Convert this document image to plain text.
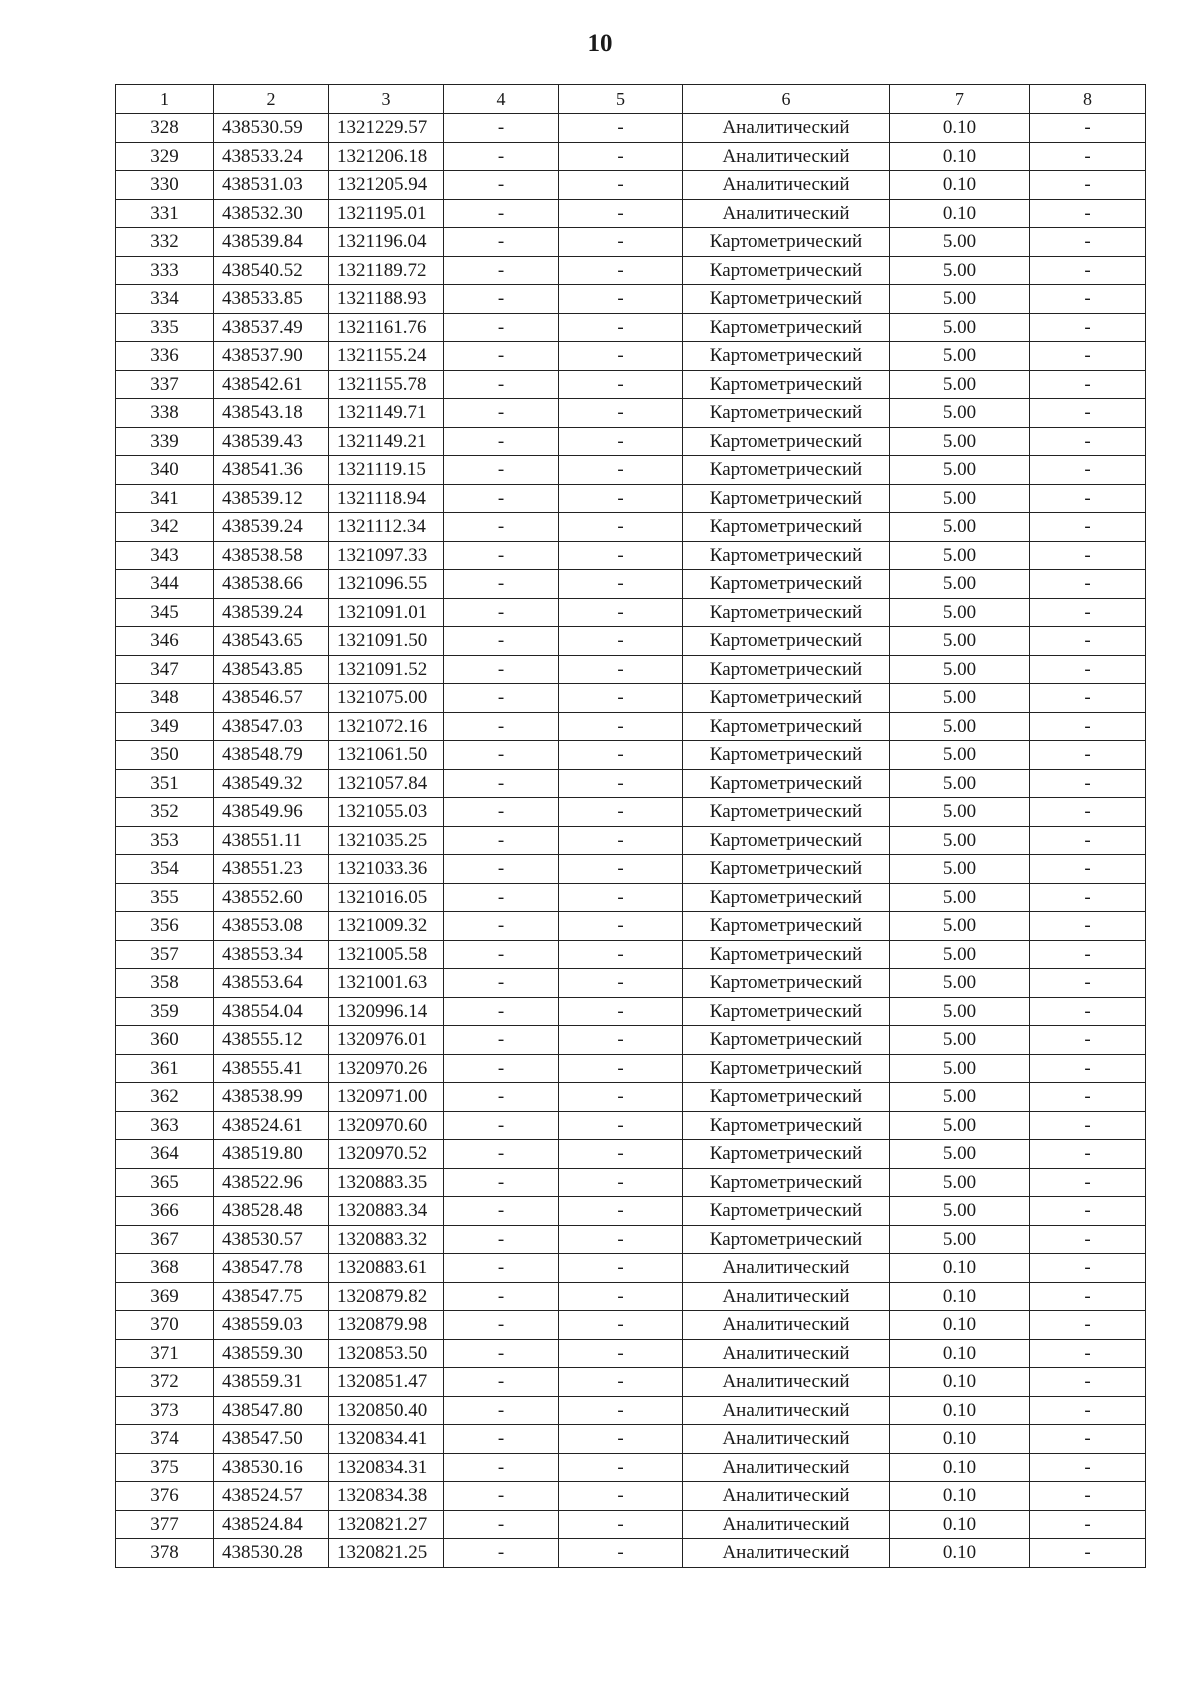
10
1	2	3	4	5	6	7	8
328	438530.59	1321229.57	-	-	Аналитический	0.10	-
329	438533.24	1321206.18	-	-	Аналитический	0.10	-
330	438531.03	1321205.94	-	-	Аналитический	0.10	-
331	438532.30	1321195.01	-	-	Аналитический	0.10	-
332	438539.84	1321196.04	-	-	Картометрический	5.00	-
333	438540.52	1321189.72	-	-	Картометрический	5.00	-
334	438533.85	1321188.93	-	-	Картометрический	5.00	-
335	438537.49	1321161.76	-	-	Картометрический	5.00	-
336	438537.90	1321155.24	-	-	Картометрический	5.00	-
337	438542.61	1321155.78	-	-	Картометрический	5.00	-
338	438543.18	1321149.71	-	-	Картометрический	5.00	-
339	438539.43	1321149.21	-	-	Картометрический	5.00	-
340	438541.36	1321119.15	-	-	Картометрический	5.00	-
341	438539.12	1321118.94	-	-	Картометрический	5.00	-
342	438539.24	1321112.34	-	-	Картометрический	5.00	-
343	438538.58	1321097.33	-	-	Картометрический	5.00	-
344	438538.66	1321096.55	-	-	Картометрический	5.00	-
345	438539.24	1321091.01	-	-	Картометрический	5.00	-
346	438543.65	1321091.50	-	-	Картометрический	5.00	-
347	438543.85	1321091.52	-	-	Картометрический	5.00	-
348	438546.57	1321075.00	-	-	Картометрический	5.00	-
349	438547.03	1321072.16	-	-	Картометрический	5.00	-
350	438548.79	1321061.50	-	-	Картометрический	5.00	-
351	438549.32	1321057.84	-	-	Картометрический	5.00	-
352	438549.96	1321055.03	-	-	Картометрический	5.00	-
353	438551.11	1321035.25	-	-	Картометрический	5.00	-
354	438551.23	1321033.36	-	-	Картометрический	5.00	-
355	438552.60	1321016.05	-	-	Картометрический	5.00	-
356	438553.08	1321009.32	-	-	Картометрический	5.00	-
357	438553.34	1321005.58	-	-	Картометрический	5.00	-
358	438553.64	1321001.63	-	-	Картометрический	5.00	-
359	438554.04	1320996.14	-	-	Картометрический	5.00	-
360	438555.12	1320976.01	-	-	Картометрический	5.00	-
361	438555.41	1320970.26	-	-	Картометрический	5.00	-
362	438538.99	1320971.00	-	-	Картометрический	5.00	-
363	438524.61	1320970.60	-	-	Картометрический	5.00	-
364	438519.80	1320970.52	-	-	Картометрический	5.00	-
365	438522.96	1320883.35	-	-	Картометрический	5.00	-
366	438528.48	1320883.34	-	-	Картометрический	5.00	-
367	438530.57	1320883.32	-	-	Картометрический	5.00	-
368	438547.78	1320883.61	-	-	Аналитический	0.10	-
369	438547.75	1320879.82	-	-	Аналитический	0.10	-
370	438559.03	1320879.98	-	-	Аналитический	0.10	-
371	438559.30	1320853.50	-	-	Аналитический	0.10	-
372	438559.31	1320851.47	-	-	Аналитический	0.10	-
373	438547.80	1320850.40	-	-	Аналитический	0.10	-
374	438547.50	1320834.41	-	-	Аналитический	0.10	-
375	438530.16	1320834.31	-	-	Аналитический	0.10	-
376	438524.57	1320834.38	-	-	Аналитический	0.10	-
377	438524.84	1320821.27	-	-	Аналитический	0.10	-
378	438530.28	1320821.25	-	-	Аналитический	0.10	-
